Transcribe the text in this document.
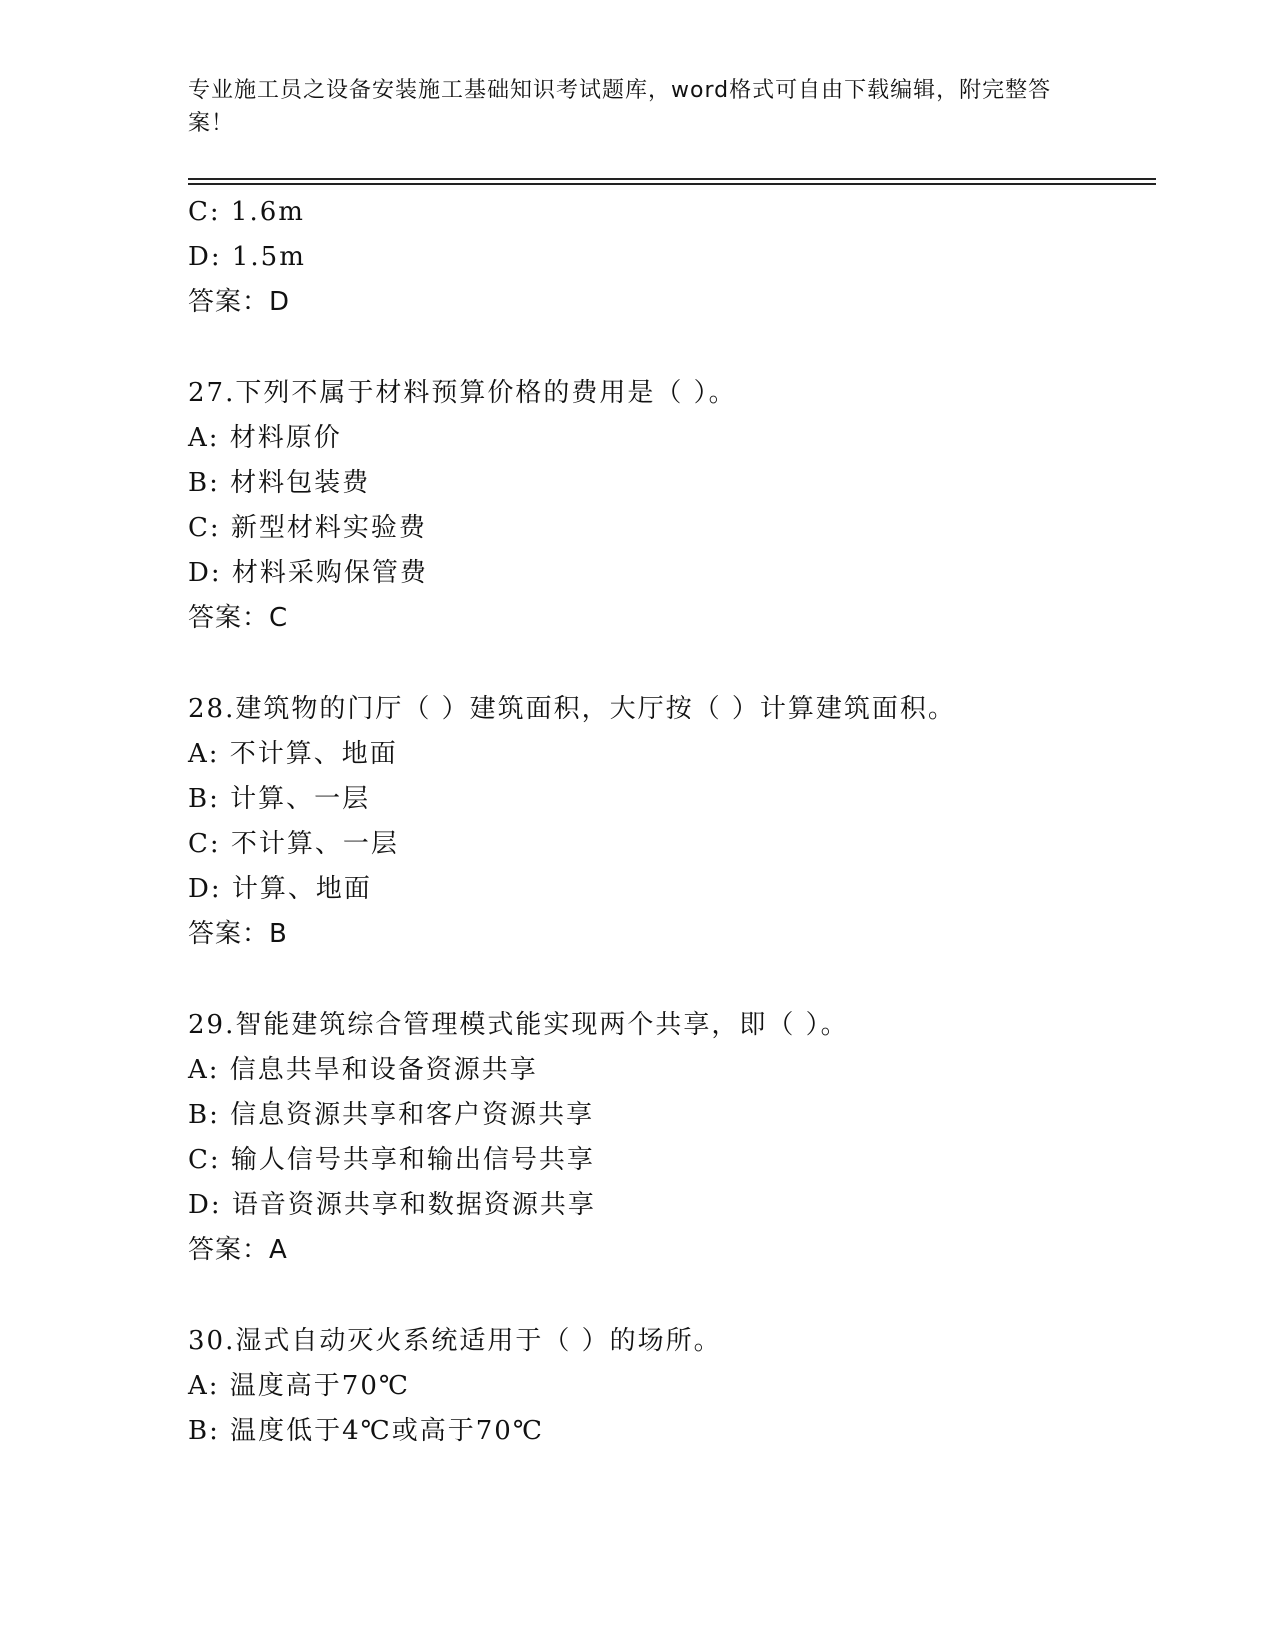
专业施工员之设备安装施工基础知识考试题库，word格式可自由下载编辑，附完整答案！
C: 1.6m
D: 1.5m
答案：D
27.下列不属于材料预算价格的费用是（ ）。
A: 材料原价
B: 材料包装费
C: 新型材料实验费
D: 材料采购保管费
答案：C
28.建筑物的门厅（ ）建筑面积，大厅按（ ）计算建筑面积。
A: 不计算、地面
B: 计算、一层
C: 不计算、一层
D: 计算、地面
答案：B
29.智能建筑综合管理模式能实现两个共享，即（ ）。
A: 信息共旱和设备资源共享
B: 信息资源共享和客户资源共享
C: 输人信号共享和输出信号共享
D: 语音资源共享和数据资源共享
答案：A
30.湿式自动灭火系统适用于（ ）的场所。
A: 温度高于70℃
B: 温度低于4℃或高于70℃
